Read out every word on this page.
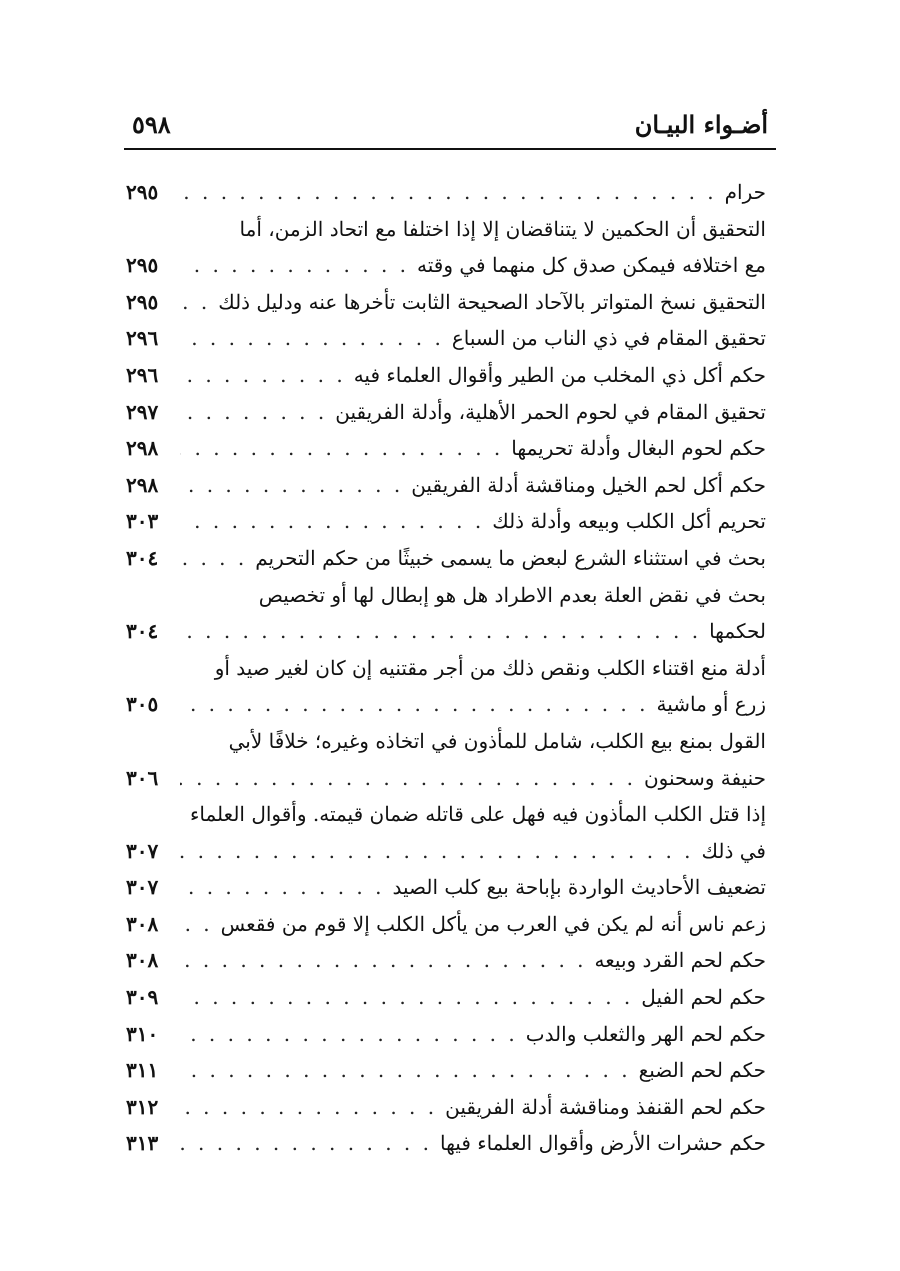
أضـواء البيـان
٥٩٨
حرام
. . .
٢٩٥
التحقيق أن الحكمين لا يتناقضان إلا إذا اختلفا مع اتحاد الزمن، أما
مع اختلافه فيمكن صدق كل منهما في وقته
. . .
٢٩٥
التحقيق نسخ المتواتر بالآحاد الصحيحة الثابت تأخرها عنه ودليل ذلك
. . .
٢٩٥
تحقيق المقام في ذي الناب من السباع
. . .
٢٩٦
حكم أكل ذي المخلب من الطير وأقوال العلماء فيه
. . .
٢٩٦
تحقيق المقام في لحوم الحمر الأهلية، وأدلة الفريقين
. . .
٢٩٧
حكم لحوم البغال وأدلة تحريمها
. . .
٢٩٨
حكم أكل لحم الخيل ومناقشة أدلة الفريقين
. . .
٢٩٨
تحريم أكل الكلب وبيعه وأدلة ذلك
. . .
٣٠٣
بحث في استثناء الشرع لبعض ما يسمى خبيثًا من حكم التحريم
. . .
٣٠٤
بحث في نقض العلة بعدم الاطراد هل هو إبطال لها أو تخصيص
لحكمها
. . .
٣٠٤
أدلة منع اقتناء الكلب ونقص ذلك من أجر مقتنيه إن كان لغير صيد أو
زرع أو ماشية
. . .
٣٠٥
القول بمنع بيع الكلب، شامل للمأذون في اتخاذه وغيره؛ خلافًا لأبي
حنيفة وسحنون
. . .
٣٠٦
إذا قتل الكلب المأذون فيه فهل على قاتله ضمان قيمته. وأقوال العلماء
في ذلك
. . .
٣٠٧
تضعيف الأحاديث الواردة بإباحة بيع كلب الصيد
. . .
٣٠٧
زعم ناس أنه لم يكن في العرب من يأكل الكلب إلا قوم من فقعس
. . .
٣٠٨
حكم لحم القرد وبيعه
. . .
٣٠٨
حكم لحم الفيل
. . .
٣٠٩
حكم لحم الهر والثعلب والدب
. . .
٣١٠
حكم لحم الضبع
. . .
٣١١
حكم لحم القنفذ ومناقشة أدلة الفريقين
. . .
٣١٢
حكم حشرات الأرض وأقوال العلماء فيها
. . .
٣١٣
